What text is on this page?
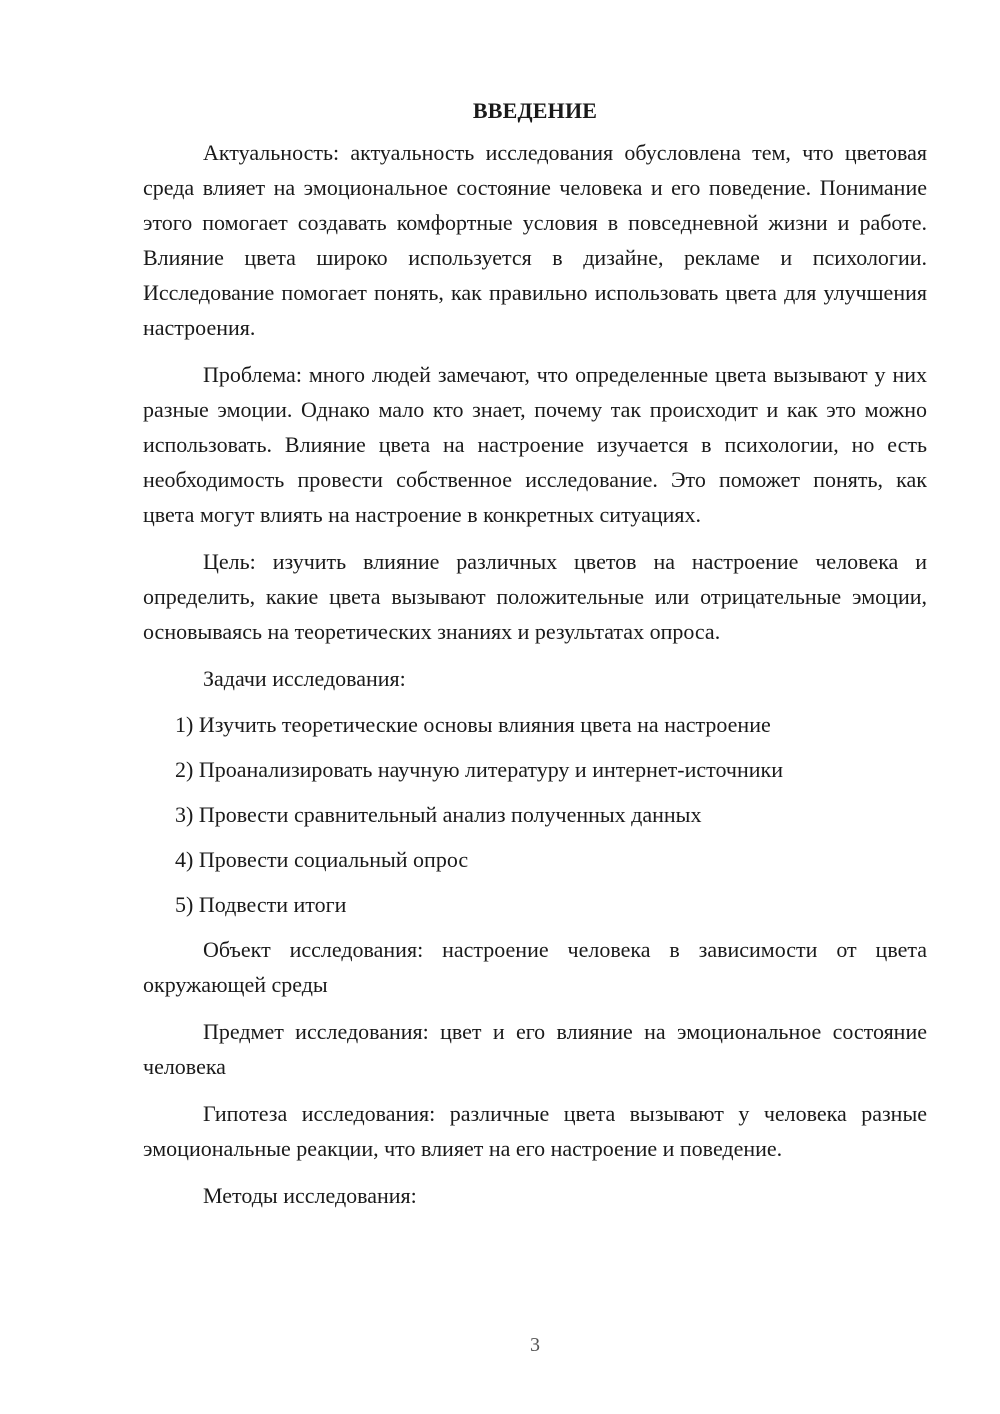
ВВЕДЕНИЕ

Актуальность: актуальность исследования обусловлена тем, что цветовая среда влияет на эмоциональное состояние человека и его поведение. Понимание этого помогает создавать комфортные условия в повседневной жизни и работе. Влияние цвета широко используется в дизайне, рекламе и психологии. Исследование помогает понять, как правильно использовать цвета для улучшения настроения.

Проблема: много людей замечают, что определенные цвета вызывают у них разные эмоции. Однако мало кто знает, почему так происходит и как это можно использовать. Влияние цвета на настроение изучается в психологии, но есть необходимость провести собственное исследование. Это поможет понять, как цвета могут влиять на настроение в конкретных ситуациях.

Цель: изучить влияние различных цветов на настроение человека и определить, какие цвета вызывают положительные или отрицательные эмоции, основываясь на теоретических знаниях и результатах опроса.

Задачи исследования:

1) Изучить теоретические основы влияния цвета на настроение
2) Проанализировать научную литературу и интернет-источники
3) Провести сравнительный анализ полученных данных
4) Провести социальный опрос
5) Подвести итоги

Объект исследования: настроение человека в зависимости от цвета окружающей среды

Предмет исследования: цвет и его влияние на эмоциональное состояние человека

Гипотеза исследования: различные цвета вызывают у человека разные эмоциональные реакции, что влияет на его настроение и поведение.

Методы исследования:

3
